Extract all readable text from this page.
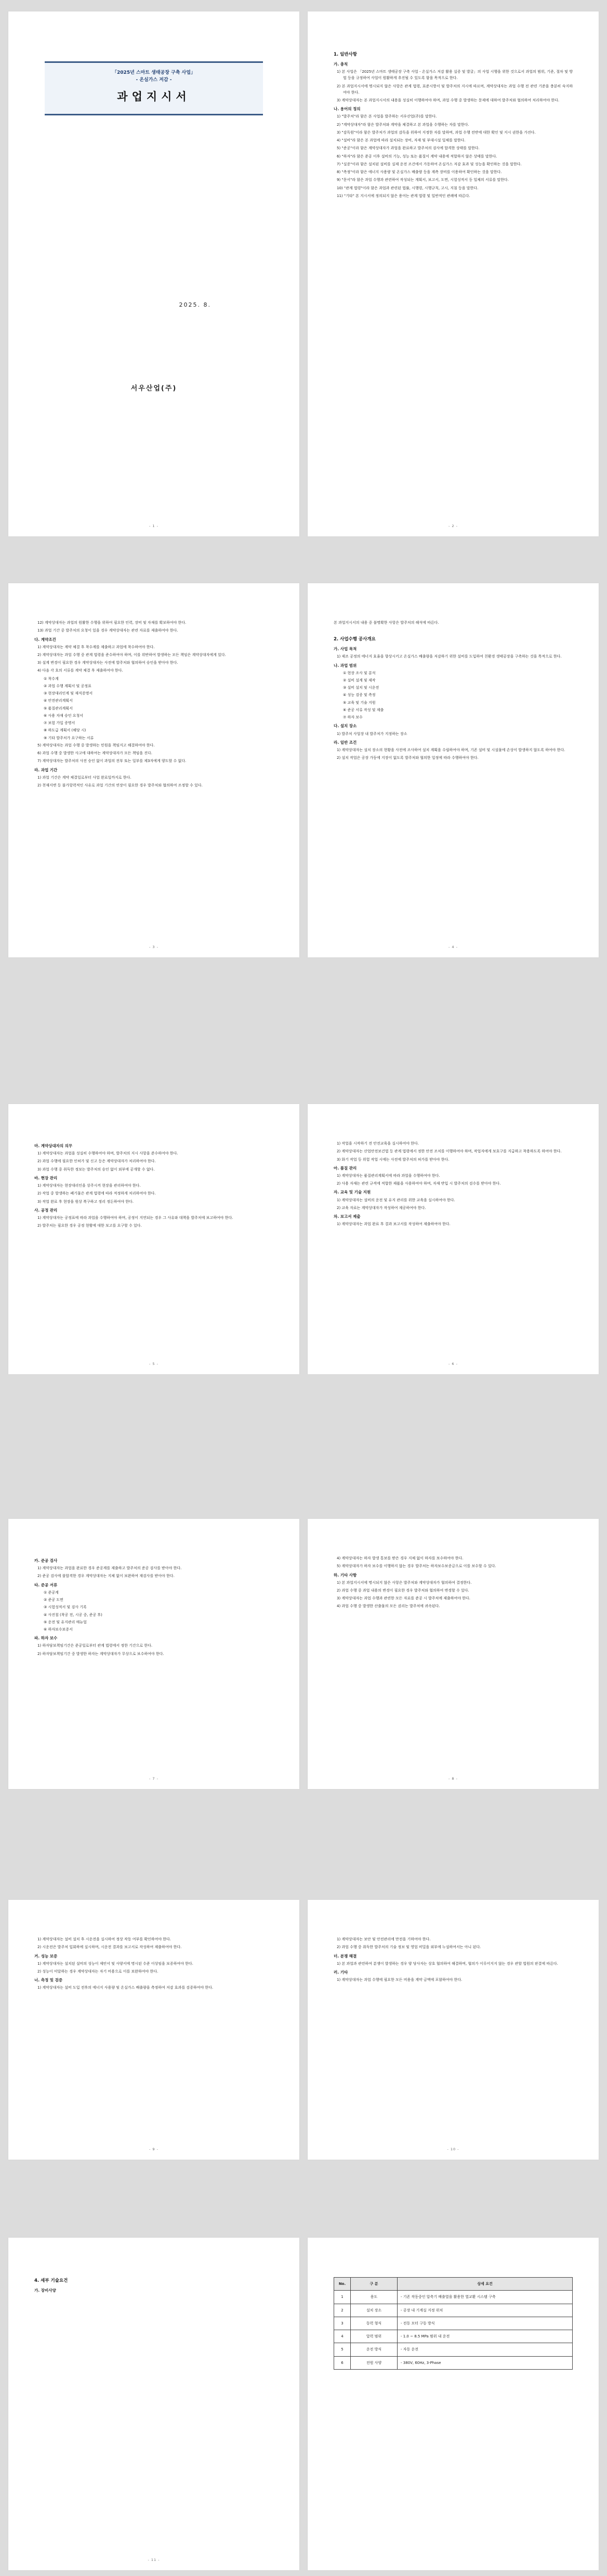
「2025년 스마트 생태공장 구축 사업」
- 온실가스 저감 -
과업지시서
2025. 8.
서우산업(주)
- 1 -

1. 일반사항

가. 총칙

1) 본 사업은 「2025년 스마트 생태공장 구축 사업 - 온실가스 저감 활용 실증 및 발굴」의 사업 시행을 위한 것으로서 과업의 범위, 기준, 절차 및 방법 등을 규정하여 사업이 원활하게 추진될 수 있도록 함을 목적으로 한다.

2) 본 과업지시서에 명시되지 않은 사항은 관계 법령, 표준시방서 및 발주처의 지시에 따르며, 계약상대자는 과업 수행 전 관련 기준을 충분히 숙지하여야 한다.

3) 계약상대자는 본 과업지시서의 내용을 성실히 이행하여야 하며, 과업 수행 중 발생하는 문제에 대하여 발주처와 협의하여 처리하여야 한다.

나. 용어의 정의

1) "발주처"라 함은 본 사업을 발주하는 서우산업(주)를 말한다.

2) "계약상대자"라 함은 발주처와 계약을 체결하고 본 과업을 수행하는 자를 말한다.

3) "감독원"이라 함은 발주처가 과업의 감독을 위하여 지정한 자를 말하며, 과업 수행 전반에 대한 확인 및 지시 권한을 가진다.

4) "설비"라 함은 본 과업에 따라 설치되는 장비, 자재 및 부대시설 일체를 말한다.

5) "준공"이라 함은 계약상대자가 과업을 완료하고 발주처의 검사에 합격한 상태를 말한다.

6) "하자"라 함은 준공 이후 설비의 기능, 성능 또는 품질이 계약 내용에 적합하지 않은 상태를 말한다.

7) "실증"이라 함은 설치된 설비를 실제 운전 조건에서 가동하여 온실가스 저감 효과 및 성능을 확인하는 것을 말한다.

8) "측정"이라 함은 에너지 사용량 및 온실가스 배출량 등을 계측 장비를 이용하여 확인하는 것을 말한다.

9) "문서"라 함은 과업 수행과 관련하여 작성되는 계획서, 보고서, 도면, 시험성적서 등 일체의 서류를 말한다.

10) "관계 법령"이라 함은 과업과 관련된 법률, 시행령, 시행규칙, 고시, 지침 등을 말한다.

11) "기타" 본 지시서에 정의되지 않은 용어는 관계 법령 및 일반적인 관례에 따른다.

- 2 -

12) 계약상대자는 과업의 원활한 수행을 위하여 필요한 인력, 장비 및 자재를 확보하여야 한다.

13) 과업 기간 중 발주처의 요청이 있을 경우 계약상대자는 관련 자료를 제출하여야 한다.

다. 계약조건

1) 계약상대자는 계약 체결 후 착수계를 제출하고 과업에 착수하여야 한다.

2) 계약상대자는 과업 수행 중 관계 법령을 준수하여야 하며, 이를 위반하여 발생하는 모든 책임은 계약상대자에게 있다.

3) 설계 변경이 필요한 경우 계약상대자는 사전에 발주처와 협의하여 승인을 받아야 한다.

4) 다음 각 호의 서류를 계약 체결 후 제출하여야 한다.

① 착수계

② 과업 수행 계획서 및 공정표

③ 현장대리인계 및 재직증명서

④ 안전관리계획서

⑤ 품질관리계획서

⑥ 사용 자재 승인 요청서

⑦ 보험 가입 증명서

⑧ 하도급 계획서 (해당 시)

⑨ 기타 발주처가 요구하는 서류

5) 계약상대자는 과업 수행 중 발생하는 민원을 책임지고 해결하여야 한다.

6) 과업 수행 중 발생한 사고에 대하여는 계약상대자가 모든 책임을 진다.

7) 계약상대자는 발주처의 사전 승인 없이 과업의 전부 또는 일부를 제3자에게 양도할 수 없다.

라. 과업 기간

1) 과업 기간은 계약 체결일로부터 사업 완료일까지로 한다.

2) 천재지변 등 불가항력적인 사유로 과업 기간의 연장이 필요한 경우 발주처와 협의하여 조정할 수 있다.

- 3 -

본 과업지시서의 내용 중 불명확한 사항은 발주처의 해석에 따른다.

2. 사업수행 공사개요

가. 사업 목적

1) 제조 공정의 에너지 효율을 향상시키고 온실가스 배출량을 저감하기 위한 설비를 도입하여 친환경 생태공장을 구축하는 것을 목적으로 한다.

나. 과업 범위

① 현장 조사 및 분석

② 설비 설계 및 제작

③ 설비 설치 및 시운전

④ 성능 검증 및 측정

⑤ 교육 및 기술 지원

⑥ 준공 서류 작성 및 제출

⑦ 하자 보수

다. 설치 장소

1) 발주처 사업장 내 발주처가 지정하는 장소

라. 일반 조건

1) 계약상대자는 설치 장소의 현황을 사전에 조사하여 설치 계획을 수립하여야 하며, 기존 설비 및 시설물에 손상이 발생하지 않도록 하여야 한다.

2) 설치 작업은 공장 가동에 지장이 없도록 발주처와 협의한 일정에 따라 수행하여야 한다.

- 4 -

마. 계약상대자의 의무

1) 계약상대자는 과업을 성실히 수행하여야 하며, 발주처의 지시 사항을 준수하여야 한다.

2) 과업 수행에 필요한 인허가 및 신고 등은 계약상대자가 처리하여야 한다.

3) 과업 수행 중 취득한 정보는 발주처의 승인 없이 외부에 공개할 수 없다.

바. 현장 관리

1) 계약상대자는 현장대리인을 상주시켜 현장을 관리하여야 한다.

2) 작업 중 발생하는 폐기물은 관계 법령에 따라 적정하게 처리하여야 한다.

3) 작업 완료 후 현장을 원상 복구하고 정리 정돈하여야 한다.

사. 공정 관리

1) 계약상대자는 공정표에 따라 과업을 수행하여야 하며, 공정이 지연되는 경우 그 사유와 대책을 발주처에 보고하여야 한다.

2) 발주처는 필요한 경우 공정 현황에 대한 보고를 요구할 수 있다.

- 5 -

1) 작업을 시작하기 전 안전교육을 실시하여야 한다.

2) 계약상대자는 산업안전보건법 등 관계 법령에서 정한 안전 조치를 이행하여야 하며, 작업자에게 보호구를 지급하고 착용하도록 하여야 한다.

3) 화기 작업 등 위험 작업 시에는 사전에 발주처의 허가를 받아야 한다.

아. 품질 관리

1) 계약상대자는 품질관리계획서에 따라 과업을 수행하여야 한다.

2) 사용 자재는 관련 규격에 적합한 제품을 사용하여야 하며, 자재 반입 시 발주처의 검수를 받아야 한다.

자. 교육 및 기술 지원

1) 계약상대자는 설비의 운전 및 유지 관리를 위한 교육을 실시하여야 한다.

2) 교육 자료는 계약상대자가 작성하여 제공하여야 한다.

차. 보고서 제출

1) 계약상대자는 과업 완료 후 결과 보고서를 작성하여 제출하여야 한다.

- 6 -

카. 준공 검사

1) 계약상대자는 과업을 완료한 경우 준공계를 제출하고 발주처의 준공 검사를 받아야 한다.

2) 준공 검사에 불합격한 경우 계약상대자는 지체 없이 보완하여 재검사를 받아야 한다.

타. 준공 서류

① 준공계

② 준공 도면

③ 시험성적서 및 검사 기록

④ 사진첩 (착공 전, 시공 중, 준공 후)

⑤ 운전 및 유지관리 매뉴얼

⑥ 하자보수보증서

파. 하자 보수

1) 하자담보책임기간은 준공일로부터 관계 법령에서 정한 기간으로 한다.

2) 하자담보책임기간 중 발생한 하자는 계약상대자가 무상으로 보수하여야 한다.

- 7 -

4) 계약상대자는 하자 발생 통보를 받은 경우 지체 없이 하자를 보수하여야 한다.

5) 계약상대자가 하자 보수를 이행하지 않는 경우 발주처는 하자보수보증금으로 이를 보수할 수 있다.

하. 기타 사항

1) 본 과업지시서에 명시되지 않은 사항은 발주처와 계약상대자가 협의하여 결정한다.

2) 과업 수행 중 과업 내용의 변경이 필요한 경우 발주처와 협의하여 변경할 수 있다.

3) 계약상대자는 과업 수행과 관련한 모든 자료를 준공 시 발주처에 제출하여야 한다.

4) 과업 수행 중 발생한 산출물의 모든 권리는 발주처에 귀속된다.

- 8 -

1) 계약상대자는 설비 설치 후 시운전을 실시하여 정상 작동 여부를 확인하여야 한다.

2) 시운전은 발주처 입회하에 실시하며, 시운전 결과를 보고서로 작성하여 제출하여야 한다.

거. 성능 보증

1) 계약상대자는 설치된 설비의 성능이 제안서 및 사양서에 명시된 수준 이상임을 보증하여야 한다.

2) 성능이 미달하는 경우 계약상대자는 자기 비용으로 이를 보완하여야 한다.

너. 측정 및 검증

1) 계약상대자는 설비 도입 전후의 에너지 사용량 및 온실가스 배출량을 측정하여 저감 효과를 검증하여야 한다.

- 9 -

1) 계약상대자는 보안 및 안전관리에 만전을 기하여야 한다.

2) 과업 수행 중 취득한 발주처의 기술 정보 및 영업 비밀을 외부에 누설하여서는 아니 된다.

더. 분쟁 해결

1) 본 과업과 관련하여 분쟁이 발생하는 경우 양 당사자는 상호 협의하여 해결하며, 협의가 이루어지지 않는 경우 관할 법원의 판결에 따른다.

러. 기타

1) 계약상대자는 과업 수행에 필요한 모든 비용을 계약 금액에 포함하여야 한다.

- 10 -

4. 세부 기술요건

가. 장비사양

- 11 -
No.	구 분	상세 요건
1	용도	- 기존 작동중인 압축기 배출열을 활용한 열교환 시스템 구축
2	설치 장소	- 공장 내 기계실 지정 위치
3	동력 형식	- 전동 모터 구동 방식
4	압력 범위	- 1.0 ~ 8.5 MPa 범위 내 운전
5	운전 방식	- 자동 운전
6	전원 사양	- 380V, 60Hz, 3-Phase
